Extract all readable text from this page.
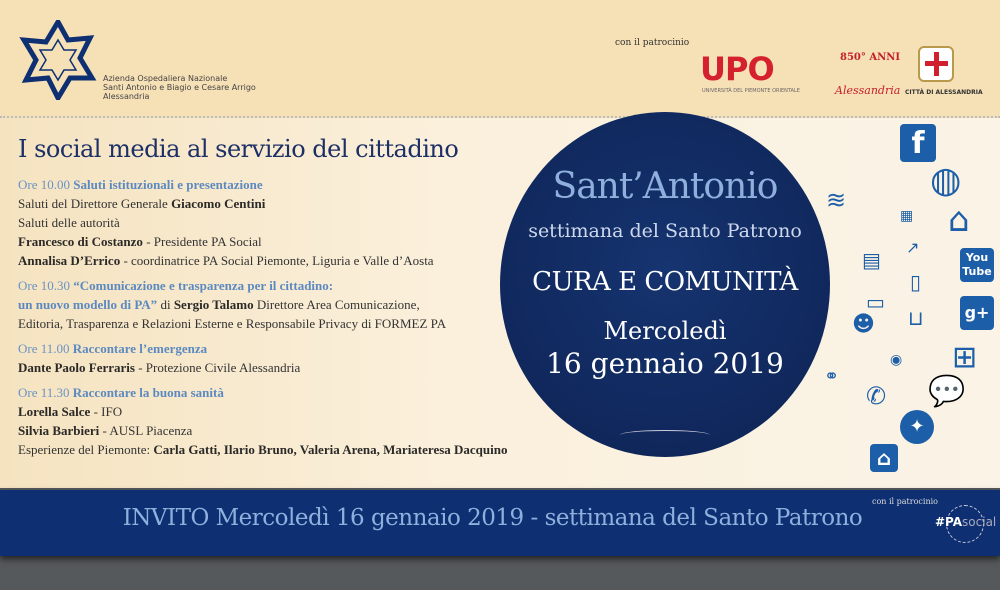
Azienda Ospedaliera Nazionale
Santi Antonio e Biagio e Cesare Arrigo
Alessandria
con il patrocinio
UPO
UNIVERSITÀ DEL PIEMONTE ORIENTALE
850° ANNI
Alessandria CITTÀ DI ALESSANDRIA
I social media al servizio del cittadino
Ore 10.00 Saluti istituzionali e presentazione
Saluti del Direttore Generale Giacomo Centini
Saluti delle autorità
Francesco di Costanzo - Presidente PA Social
Annalisa D’Errico - coordinatrice PA Social Piemonte, Liguria e Valle d’Aosta
Ore 10.30 “Comunicazione e trasparenza per il cittadino:
un nuovo modello di PA” di Sergio Talamo Direttore Area Comunicazione,
Editoria, Trasparenza e Relazioni Esterne e Responsabile Privacy di FORMEZ PA
Ore 11.00 Raccontare l’emergenza
Dante Paolo Ferraris - Protezione Civile Alessandria
Ore 11.30 Raccontare la buona sanità
Lorella Salce - IFO
Silvia Barbieri - AUSL Piacenza
Esperienze del Piemonte: Carla Gatti, Ilario Bruno, Valeria Arena, Mariateresa Dacquino
Sant’Antonio
settimana del Santo Patrono
CURA E COMUNITÀ
Mercoledì
16 gennaio 2019
f
◍
≋	⌂
▦
You
Tube
▤
↗
▯
g+
▭
⊔
☻
⊞
◉
⚭
✆ 💬
✦
⌂
INVITO Mercoledì 16 gennaio 2019 - settimana del Santo Patrono
con il patrocinio
#PAsocial
